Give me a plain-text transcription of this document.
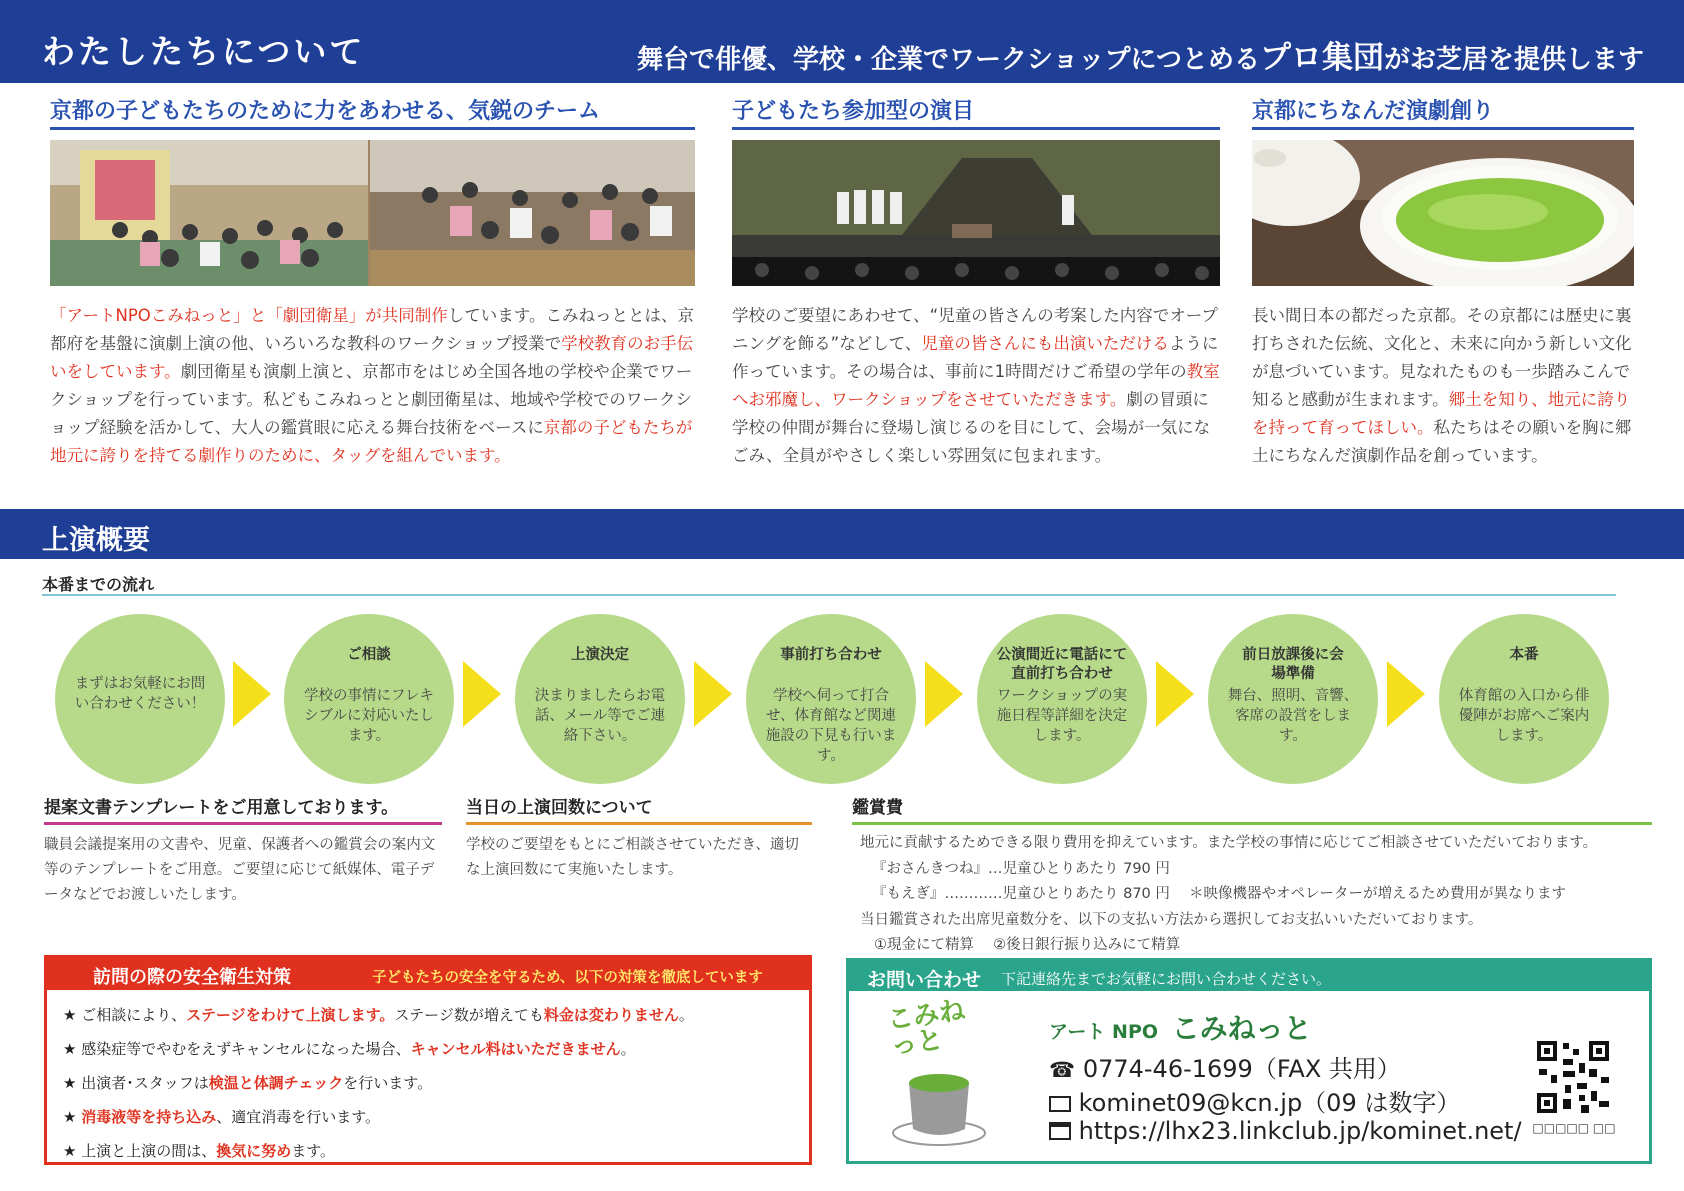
わたしたちについて	舞台で俳優、学校・企業でワークショップにつとめるプロ集団がお芝居を提供します
京都の子どもたちのために力をあわせる、気鋭のチーム

「アートNPOこみねっと」と「劇団衛星」が共同制作しています。こみねっととは、京都府を基盤に演劇上演の他、いろいろな教科のワークショップ授業で学校教育のお手伝いをしています。劇団衛星も演劇上演と、京都市をはじめ全国各地の学校や企業でワークショップを行っています。私どもこみねっとと劇団衛星は、地域や学校でのワークショップ経験を活かして、大人の鑑賞眼に応える舞台技術をベースに京都の子どもたちが地元に誇りを持てる劇作りのために、タッグを組んでいます。

子どもたち参加型の演目

学校のご要望にあわせて、“児童の皆さんの考案した内容でオープニングを飾る”などして、児童の皆さんにも出演いただけるように作っています。その場合は、事前に1時間だけご希望の学年の教室へお邪魔し、ワークショップをさせていただきます。劇の冒頭に学校の仲間が舞台に登場し演じるのを目にして、会場が一気になごみ、全員がやさしく楽しい雰囲気に包まれます。

京都にちなんだ演劇創り

長い間日本の都だった京都。その京都には歴史に裏打ちされた伝統、文化と、未来に向かう新しい文化が息づいています。見なれたものも一歩踏みこんで知ると感動が生まれます。郷土を知り、地元に誇りを持って育ってほしい。私たちはその願いを胸に郷土にちなんだ演劇作品を創っています。

上演概要
本番までの流れ
まずはお気軽にお問い合わせください！
ご相談
学校の事情にフレキシブルに対応いたします。
上演決定
決まりましたらお電話、メール等でご連絡下さい。
事前打ち合わせ
学校へ伺って打合せ、体育館など関連施設の下見も行います。
公演間近に電話にて直前打ち合わせ
ワークショップの実施日程等詳細を決定します。
前日放課後に会場準備
舞台、照明、音響、客席の設営をします。
本番
体育館の入口から俳優陣がお席へご案内します。
提案文書テンプレートをご用意しております。

職員会議提案用の文書や、児童、保護者への鑑賞会の案内文等のテンプレートをご用意。ご要望に応じて紙媒体、電子データなどでお渡しいたします。

当日の上演回数について

学校のご要望をもとにご相談させていただき、適切な上演回数にて実施いたします。

鑑賞費
地元に貢献するためできる限り費用を抑えています。また学校の事情に応じてご相談させていただいております。
『おさんきつね』…児童ひとりあたり 790 円
『もえぎ』…………児童ひとりあたり 870 円　 ＊映像機器やオペレーターが増えるため費用が異なります
当日鑑賞された出席児童数分を、以下の支払い方法から選択してお支払いいただいております。
①現金にて精算　 ②後日銀行振り込みにて精算
訪問の際の安全衛生対策	子どもたちの安全を守るため、以下の対策を徹底しています
★ ご相談により、ステージをわけて上演します。ステージ数が増えても料金は変わりません。
★ 感染症等でやむをえずキャンセルになった場合、キャンセル料はいただきません。
★ 出演者･スタッフは検温と体調チェックを行います。
★ 消毒液等を持ち込み、適宜消毒を行います。
★ 上演と上演の間は、換気に努めます。
お問い合わせ 下記連絡先までお気軽にお問い合わせください。
こみねっと	アート NPO こみねっと
☎ 0774-46-1699（FAX 共用）
kominet09@kcn.jp（09 は数字）
https://lhx23.linkclub.jp/kominet.net/ □□□□□ □□
